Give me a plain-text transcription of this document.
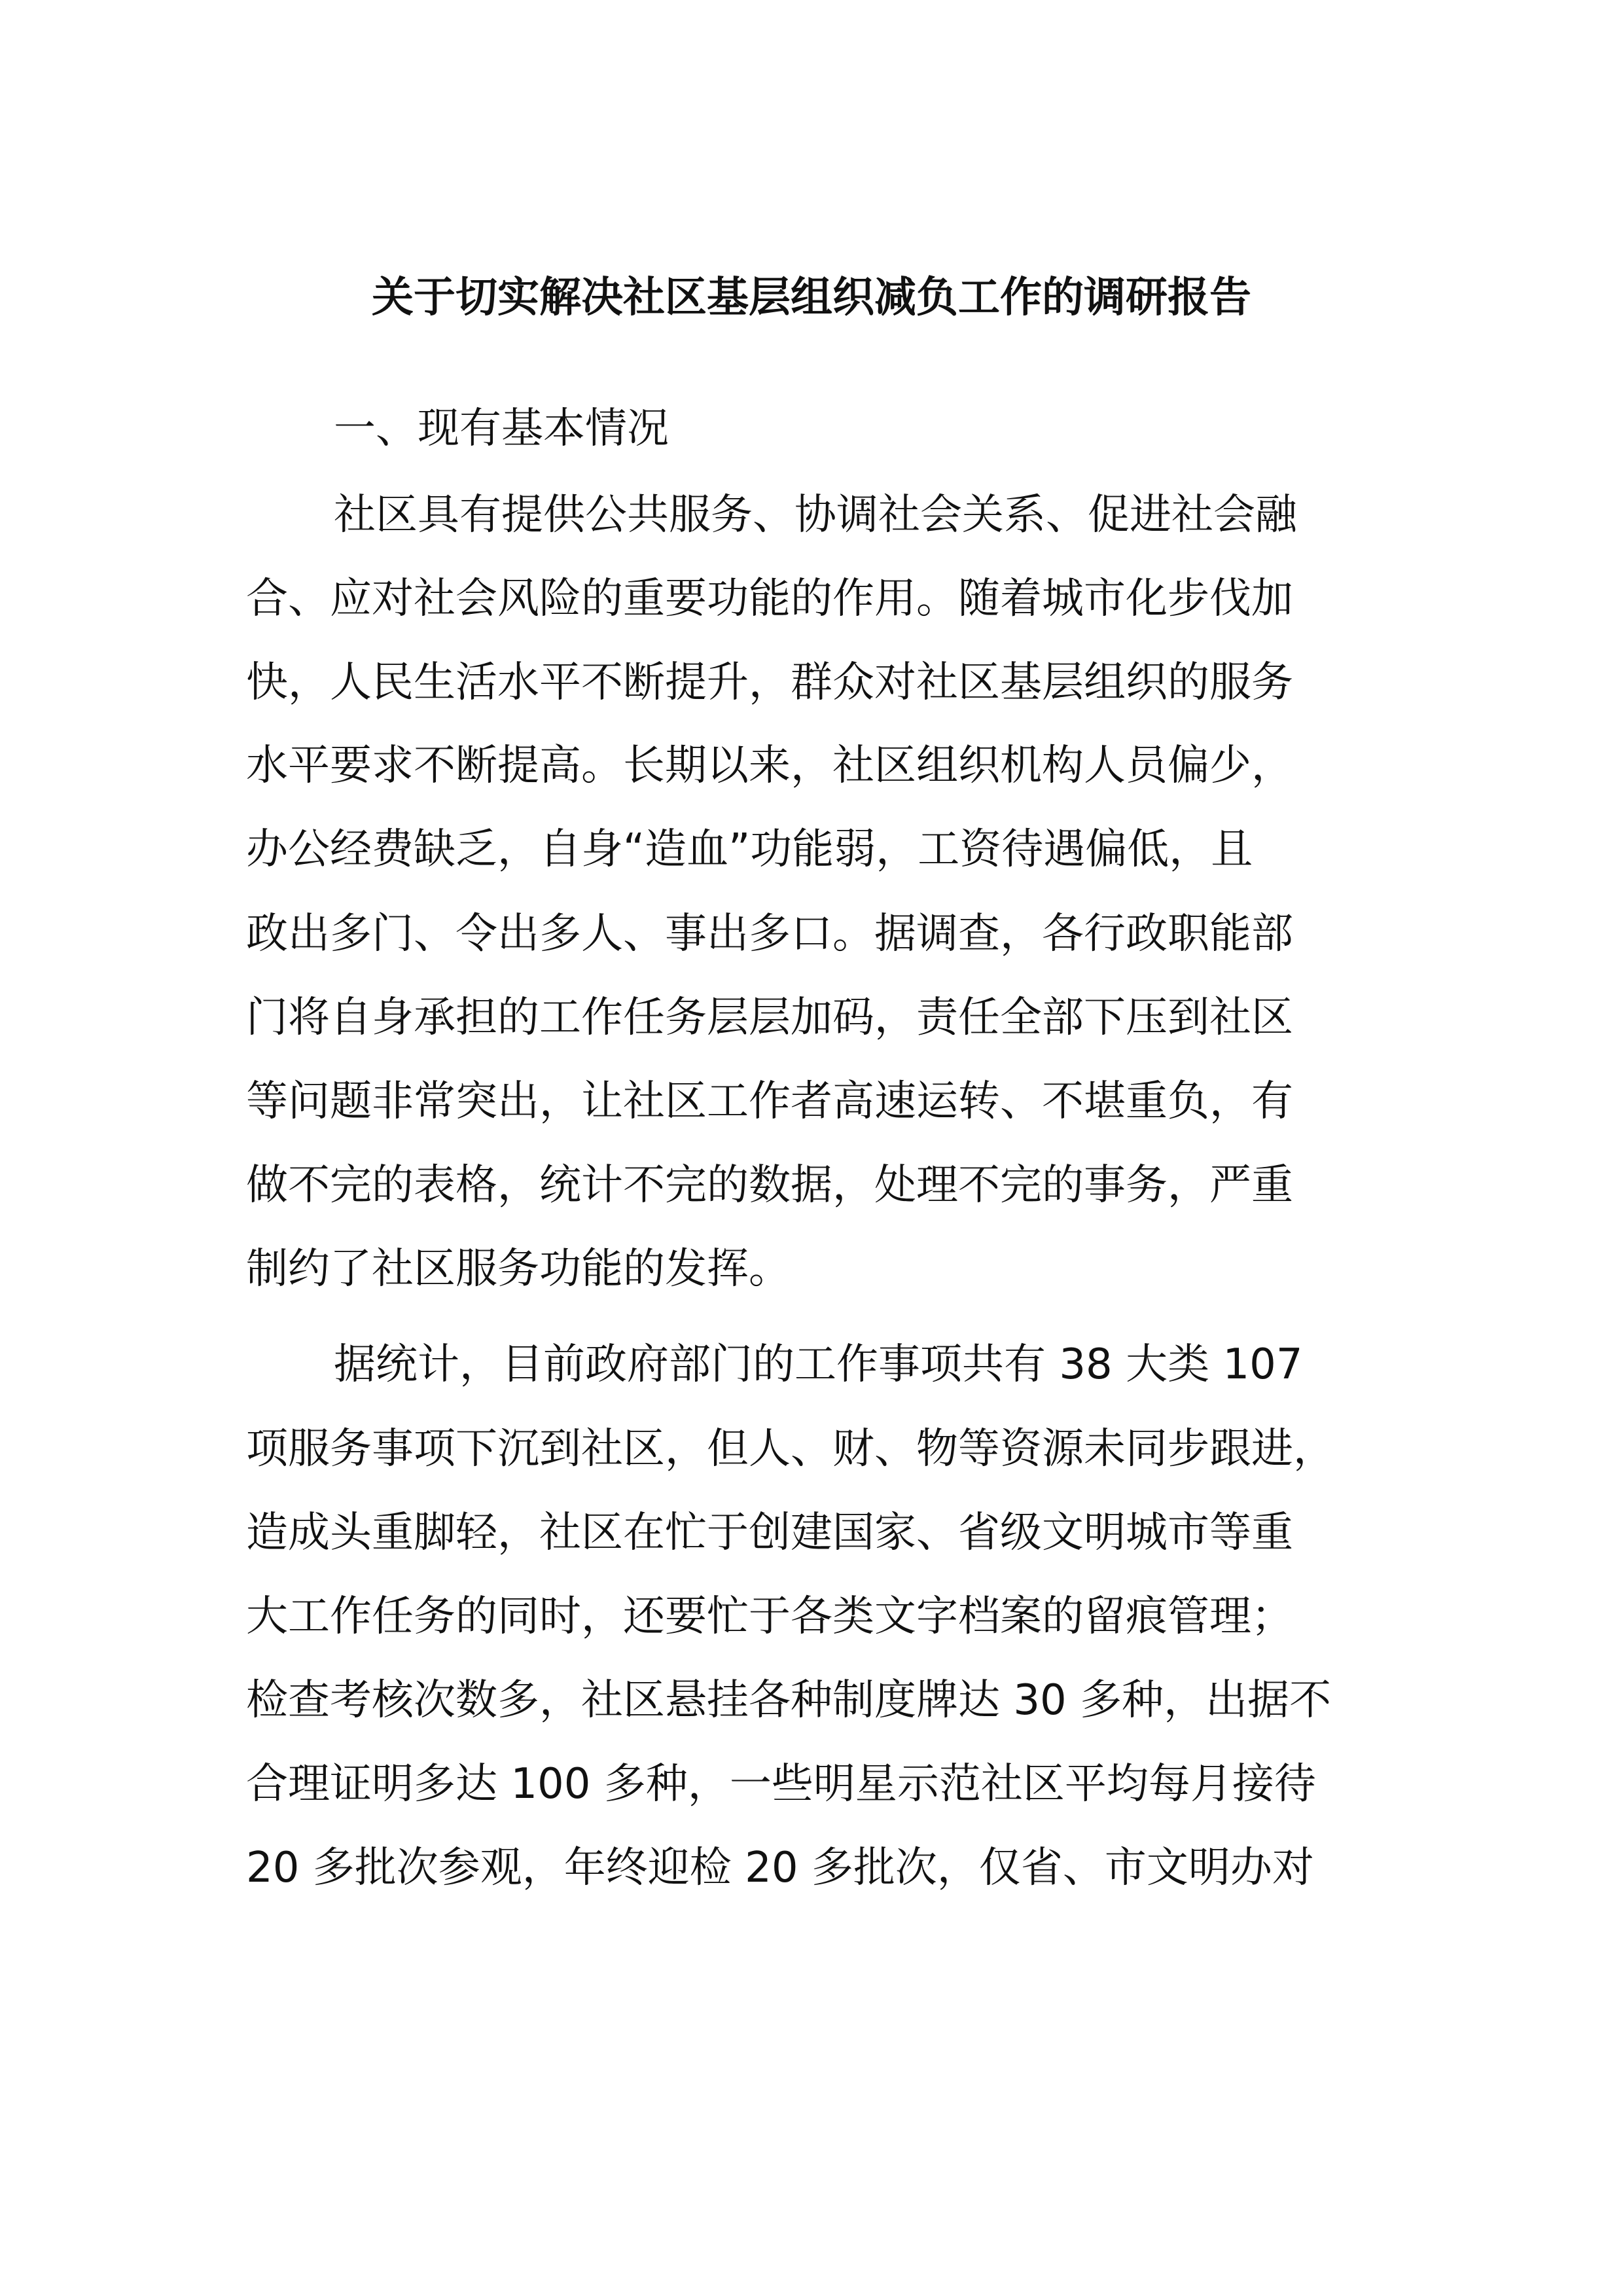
关于切实解决社区基层组织减负工作的调研报告
一、现有基本情况
社区具有提供公共服务、协调社会关系、促进社会融
合、应对社会风险的重要功能的作用。随着城市化步伐加
快，人民生活水平不断提升，群众对社区基层组织的服务
水平要求不断提高。长期以来，社区组织机构人员偏少，
办公经费缺乏，自身“造血”功能弱，工资待遇偏低，且
政出多门、令出多人、事出多口。据调查，各行政职能部
门将自身承担的工作任务层层加码，责任全部下压到社区
等问题非常突出，让社区工作者高速运转、不堪重负，有
做不完的表格，统计不完的数据，处理不完的事务，严重
制约了社区服务功能的发挥。
据统计，目前政府部门的工作事项共有 38 大类 107
项服务事项下沉到社区，但人、财、物等资源未同步跟进，
造成头重脚轻，社区在忙于创建国家、省级文明城市等重
大工作任务的同时，还要忙于各类文字档案的留痕管理；
检查考核次数多，社区悬挂各种制度牌达 30 多种，出据不
合理证明多达 100 多种，一些明星示范社区平均每月接待
20 多批次参观，年终迎检 20 多批次，仅省、市文明办对
